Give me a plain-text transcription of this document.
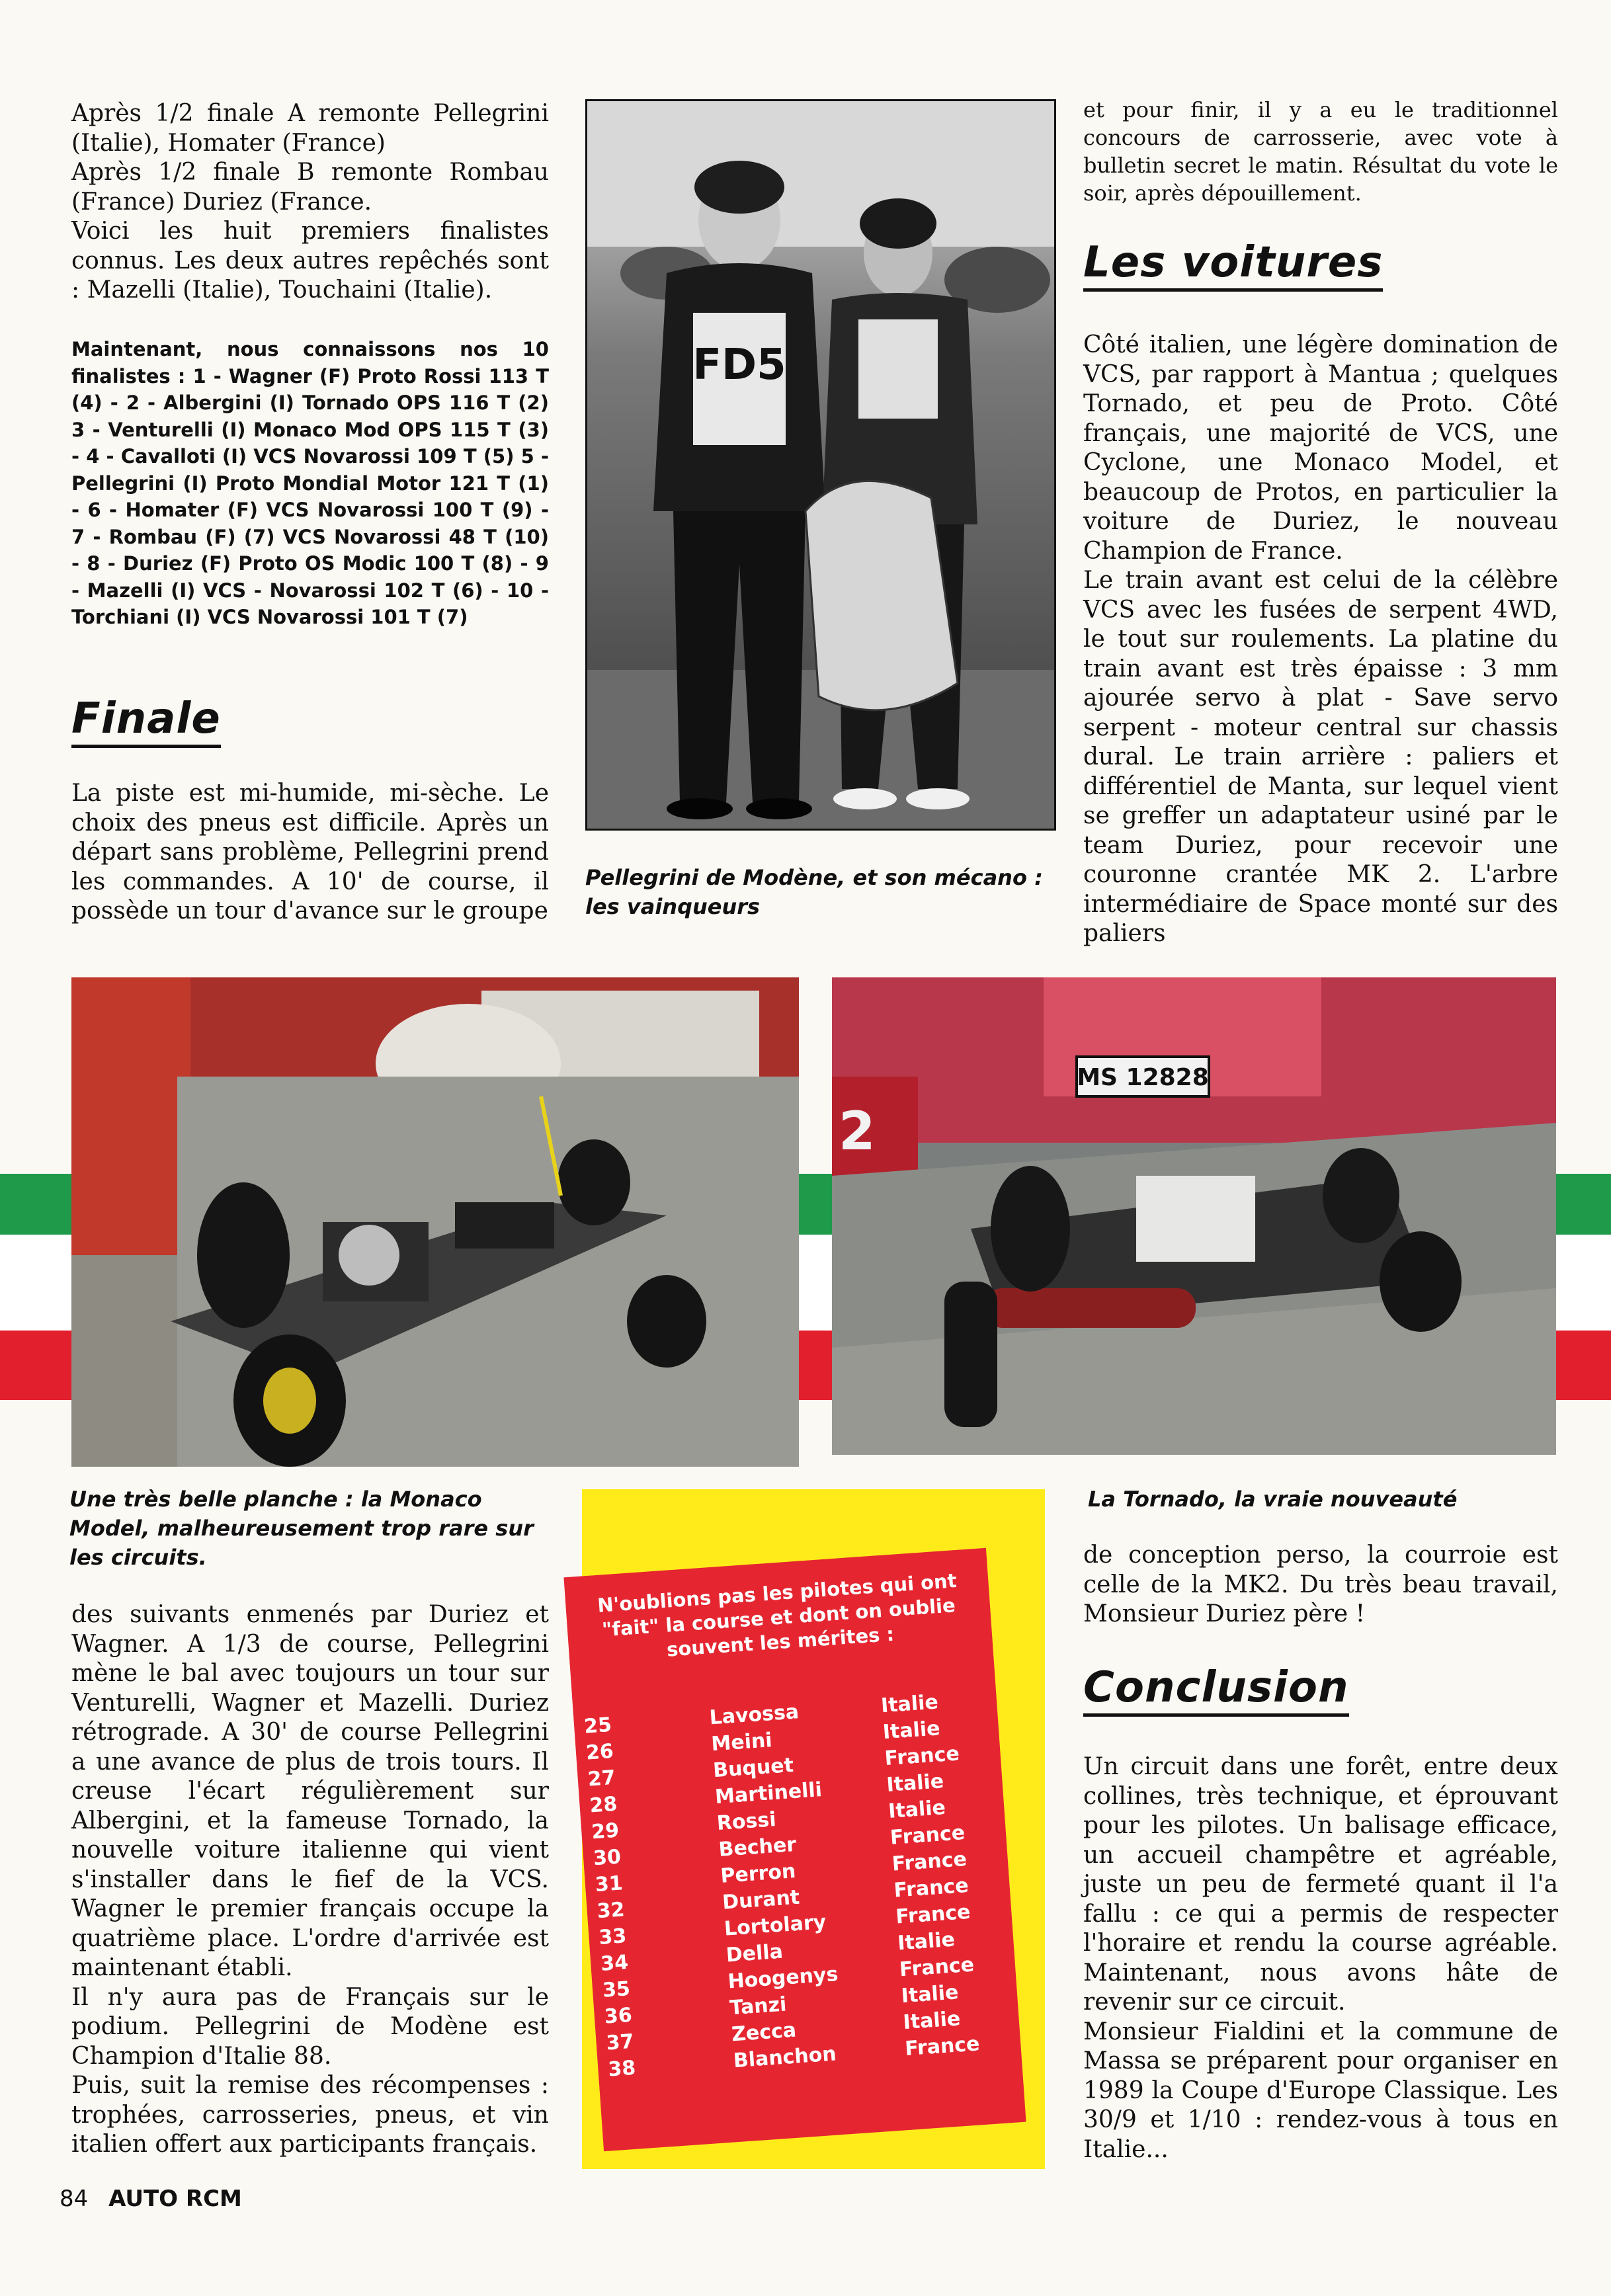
Après 1/2 finale A remonte Pellegrini (Italie), Homater (France)

Après 1/2 finale B remonte Rombau (France) Duriez (France.

Voici les huit premiers finalistes connus. Les deux autres repêchés sont : Mazelli (Italie), Touchaini (Italie).

Maintenant, nous connaissons nos 10 finalistes : 1 - Wagner (F) Proto Rossi 113 T (4) - 2 - Albergini (I) Tornado OPS 116 T (2) 3 - Venturelli (I) Monaco Mod OPS 115 T (3) - 4 - Cavalloti (I) VCS Novarossi 109 T (5) 5 - Pellegrini (I) Proto Mondial Motor 121 T (1) - 6 - Homater (F) VCS Novarossi 100 T (9) - 7 - Rombau (F) (7) VCS Novarossi 48 T (10) - 8 - Duriez (F) Proto OS Modic 100 T (8) - 9 - Mazelli (I) VCS - Novarossi 102 T (6) - 10 - Torchiani (I) VCS Novarossi 101 T (7)
Finale
La piste est mi-humide, mi-sèche. Le choix des pneus est difficile. Après un départ sans problème, Pellegrini prend les commandes. A 10' de course, il possède un tour d'avance sur le groupe
FD5
Pellegrini de Modène, et son mécano : les vainqueurs
et pour finir, il y a eu le traditionnel concours de carrosserie, avec vote à bulletin secret le matin. Résultat du vote le soir, après dépouillement.
Les voitures

Côté italien, une légère domination de VCS, par rapport à Mantua ; quelques Tornado, et peu de Proto. Côté français, une majorité de VCS, une Cyclone, une Monaco Model, et beaucoup de Protos, en particulier la voiture de Duriez, le nouveau Champion de France.

Le train avant est celui de la célèbre VCS avec les fusées de serpent 4WD, le tout sur roulements. La platine du train avant est très épaisse : 3 mm ajourée servo à plat - Save servo serpent - moteur central sur chassis dural. Le train arrière : paliers et différentiel de Manta, sur lequel vient se greffer un adaptateur usiné par le team Duriez, pour recevoir une couronne crantée MK 2. L'arbre intermédiaire de Space monté sur des paliers

Une très belle planche : la Monaco Model, malheureusement trop rare sur les circuits.
2
MS 12828
La Tornado, la vraie nouveauté

des suivants enmenés par Duriez et Wagner. A 1/3 de course, Pellegrini mène le bal avec toujours un tour sur Venturelli, Wagner et Mazelli. Duriez rétrograde. A 30' de course Pellegrini a une avance de plus de trois tours. Il creuse l'écart régulièrement sur Albergini, et la fameuse Tornado, la nouvelle voiture italienne qui vient s'installer dans le fief de la VCS. Wagner le premier français occupe la quatrième place. L'ordre d'arrivée est maintenant établi.

Il n'y aura pas de Français sur le podium. Pellegrini de Modène est Champion d'Italie 88.

Puis, suit la remise des récompenses : trophées, carrosseries, pneus, et vin italien offert aux participants français.

N'oublions pas les pilotes qui ont "fait" la course et dont on oublie souvent les mérites :
25	Lavossa	Italie
26	Meini	Italie
27	Buquet	France
28	Martinelli	Italie
29	Rossi	Italie
30	Becher	France
31	Perron	France
32	Durant	France
33	Lortolary	France
34	Della	Italie
35	Hoogenys	France
36	Tanzi	Italie
37	Zecca	Italie
38	Blanchon	France
de conception perso, la courroie est celle de la MK2. Du très beau travail, Monsieur Duriez père !
Conclusion

Un circuit dans une forêt, entre deux collines, très technique, et éprouvant pour les pilotes. Un balisage efficace, un accueil champêtre et agréable, juste un peu de fermeté quant il l'a fallu : ce qui a permis de respecter l'horaire et rendu la course agréable. Maintenant, nous avons hâte de revenir sur ce circuit.

Monsieur Fialdini et la commune de Massa se préparent pour organiser en 1989 la Coupe d'Europe Classique. Les 30/9 et 1/10 : rendez-vous à tous en Italie...

84 AUTO RCM
